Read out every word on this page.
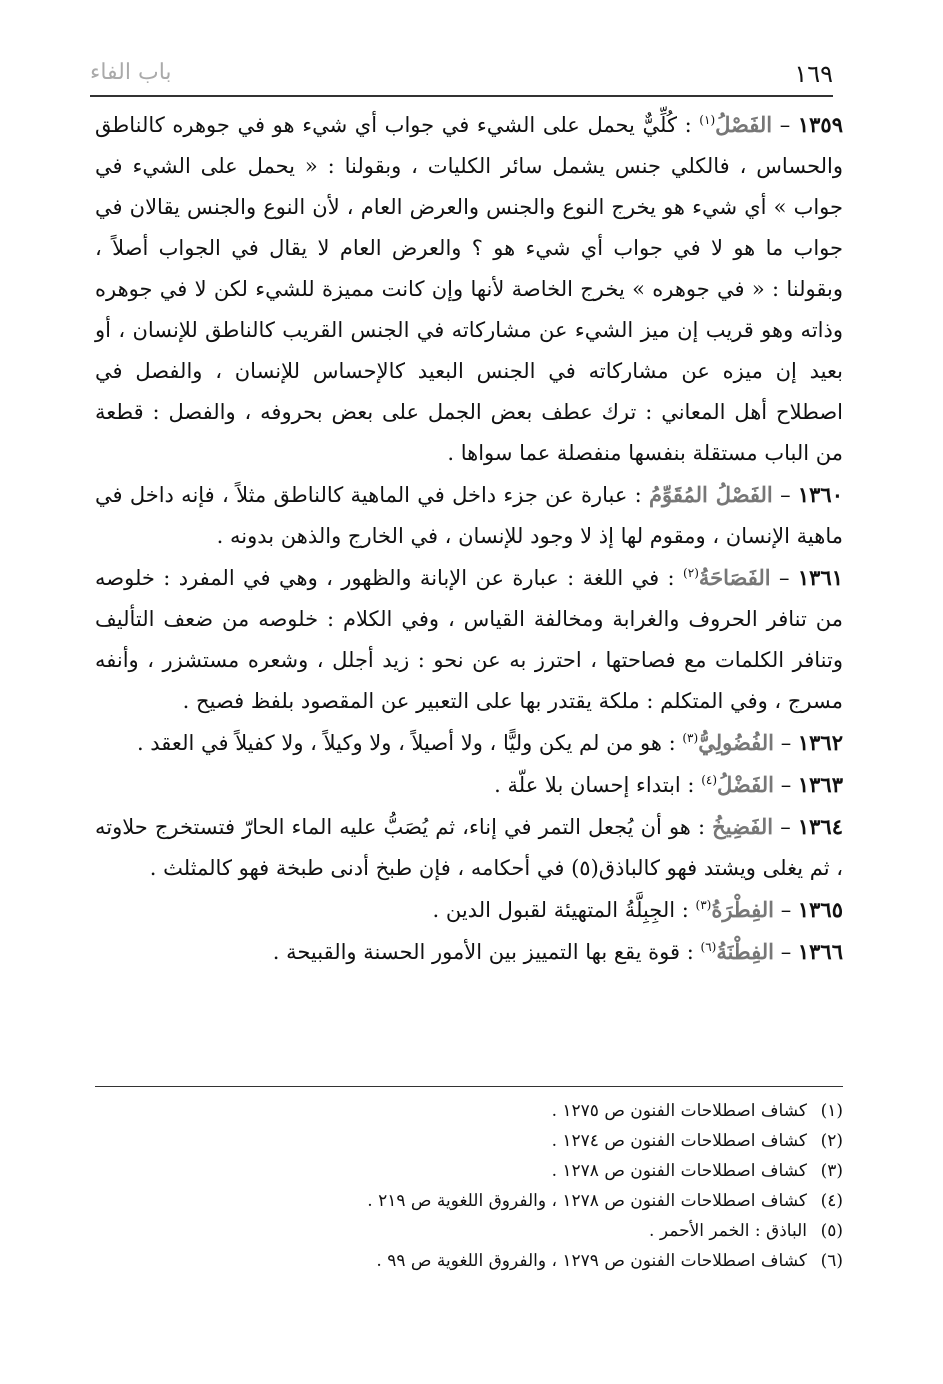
١٦٩
باب الفاء

١٣٥٩ – الفَصْلُ$^{(١)}$ : كُلِّيٌّ يحمل على الشيء في جواب أي شيء هو في جوهره كالناطق والحساس ، فالكلي جنس يشمل سائر الكليات ، وبقولنا : « يحمل على الشيء في جواب » أي شيء هو يخرج النوع والجنس والعرض العام ، لأن النوع والجنس يقالان في جواب ما هو لا في جواب أي شيء هو ؟ والعرض العام لا يقال في الجواب أصلاً ، وبقولنا : « في جوهره » يخرج الخاصة لأنها وإن كانت مميزة للشيء لكن لا في جوهره وذاته وهو قريب إن ميز الشيء عن مشاركاته في الجنس القريب كالناطق للإنسان ، أو بعيد إن ميزه عن مشاركاته في الجنس البعيد كالإحساس للإنسان ، والفصل في اصطلاح أهل المعاني : ترك عطف بعض الجمل على بعض بحروفه ، والفصل : قطعة من الباب مستقلة بنفسها منفصلة عما سواها .

١٣٦٠ – الفَصْلُ المُقَوِّمُ : عبارة عن جزء داخل في الماهية كالناطق مثلاً ، فإنه داخل في ماهية الإنسان ، ومقوم لها إذ لا وجود للإنسان ، في الخارج والذهن بدونه .

١٣٦١ – الفَصَاحَةُ$^{(٢)}$ : في اللغة : عبارة عن الإبانة والظهور ، وهي في المفرد : خلوصه من تنافر الحروف والغرابة ومخالفة القياس ، وفي الكلام : خلوصه من ضعف التأليف وتنافر الكلمات مع فصاحتها ، احترز به عن نحو : زيد أجلل ، وشعره مستشزر ، وأنفه مسرج ، وفي المتكلم : ملكة يقتدر بها على التعبير عن المقصود بلفظ فصيح .

١٣٦٢ – الفُضُولِيُّ$^{(٣)}$ : هو من لم يكن وليًّا ، ولا أصيلاً ، ولا وكيلاً ، ولا كفيلاً في العقد .

١٣٦٣ – الفَضْلُ$^{(٤)}$ : ابتداء إحسان بلا علّة .

١٣٦٤ – الفَضِيخُ : هو أن يُجعل التمر في إناء، ثم يُصَبُّ عليه الماء الحارّ فتستخرج حلاوته ، ثم يغلى ويشتد فهو كالباذق(٥) في أحكامه ، فإن طبخ أدنى طبخة فهو كالمثلث .

١٣٦٥ – الفِطْرَةُ$^{(٣)}$ : الجِبِلَّةُ المتهيئة لقبول الدين .

١٣٦٦ – الفِطْنَةُ$^{(٦)}$ : قوة يقع بها التمييز بين الأمور الحسنة والقبيحة .

(١)كشاف اصطلاحات الفنون ص ١٢٧٥ .
(٢)كشاف اصطلاحات الفنون ص ١٢٧٤ .
(٣)كشاف اصطلاحات الفنون ص ١٢٧٨ .
(٤)كشاف اصطلاحات الفنون ص ١٢٧٨ ، والفروق اللغوية ص ٢١٩ .
(٥)الباذق : الخمر الأحمر .
(٦)كشاف اصطلاحات الفنون ص ١٢٧٩ ، والفروق اللغوية ص ٩٩ .
